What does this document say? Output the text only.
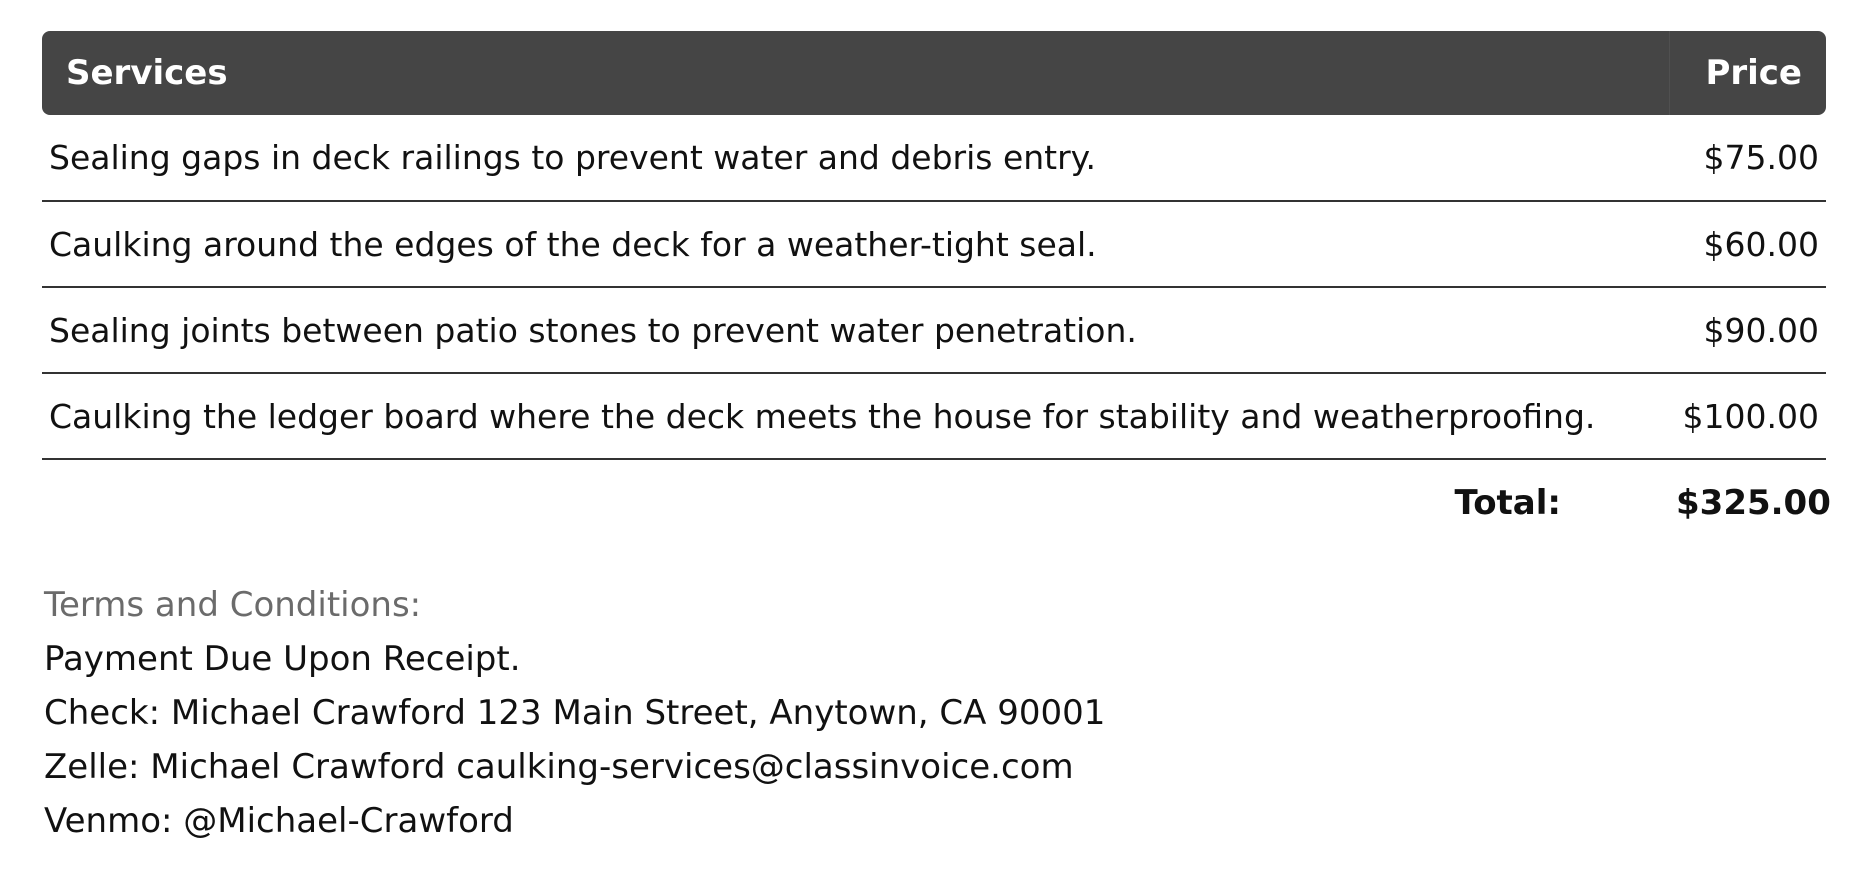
Services	Price
Sealing gaps in deck railings to prevent water and debris entry.	$75.00
Caulking around the edges of the deck for a weather-tight seal.	$60.00
Sealing joints between patio stones to prevent water penetration.	$90.00
Caulking the ledger board where the deck meets the house for stability and weatherproofing.	$100.00
Total:	$325.00
Terms and Conditions:
Payment Due Upon Receipt.
Check: Michael Crawford 123 Main Street, Anytown, CA 90001
Zelle: Michael Crawford caulking-services@classinvoice.com
Venmo: @Michael-Crawford
